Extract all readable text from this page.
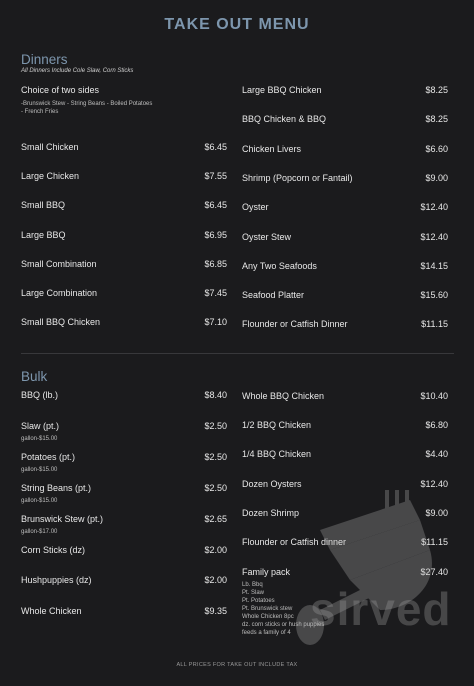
TAKE OUT MENU
Dinners
All Dinners Include Cole Slaw, Corn Sticks
Choice of two sides
-Brunswick Stew - String Beans - Boiled Potatoes
- French Fries
Small Chicken	$6.45
Large Chicken	$7.55
Small BBQ	$6.45
Large BBQ	$6.95
Small Combination	$6.85
Large Combination	$7.45
Small BBQ Chicken	$7.10
Large BBQ Chicken	$8.25
BBQ Chicken & BBQ	$8.25
Chicken Livers	$6.60
Shrimp (Popcorn or Fantail)	$9.00
Oyster	$12.40
Oyster Stew	$12.40
Any Two Seafoods	$14.15
Seafood Platter	$15.60
Flounder or Catfish Dinner	$11.15
Bulk
BBQ (lb.)	$8.40
Slaw (pt.)	$2.50
gallon-$15.00
Potatoes (pt.)	$2.50
gallon-$15.00
String Beans (pt.)	$2.50
gallon-$15.00
Brunswick Stew (pt.)	$2.65
gallon-$17.00
Corn Sticks (dz)	$2.00
Hushpuppies (dz)	$2.00
Whole Chicken	$9.35
Whole BBQ Chicken	$10.40
1/2 BBQ Chicken	$6.80
1/4 BBQ Chicken	$4.40
Dozen Oysters	$12.40
Dozen Shrimp	$9.00
Flounder or Catfish dinner	$11.15
Family pack	$27.40
Lb. Bbq
Pt. Slaw
Pt. Potatoes
Pt. Brunswick stew
Whole Chicken 8pc
dz. corn sticks or hush puppies
feeds a family of 4 sirved
ALL PRICES FOR TAKE OUT INCLUDE TAX
